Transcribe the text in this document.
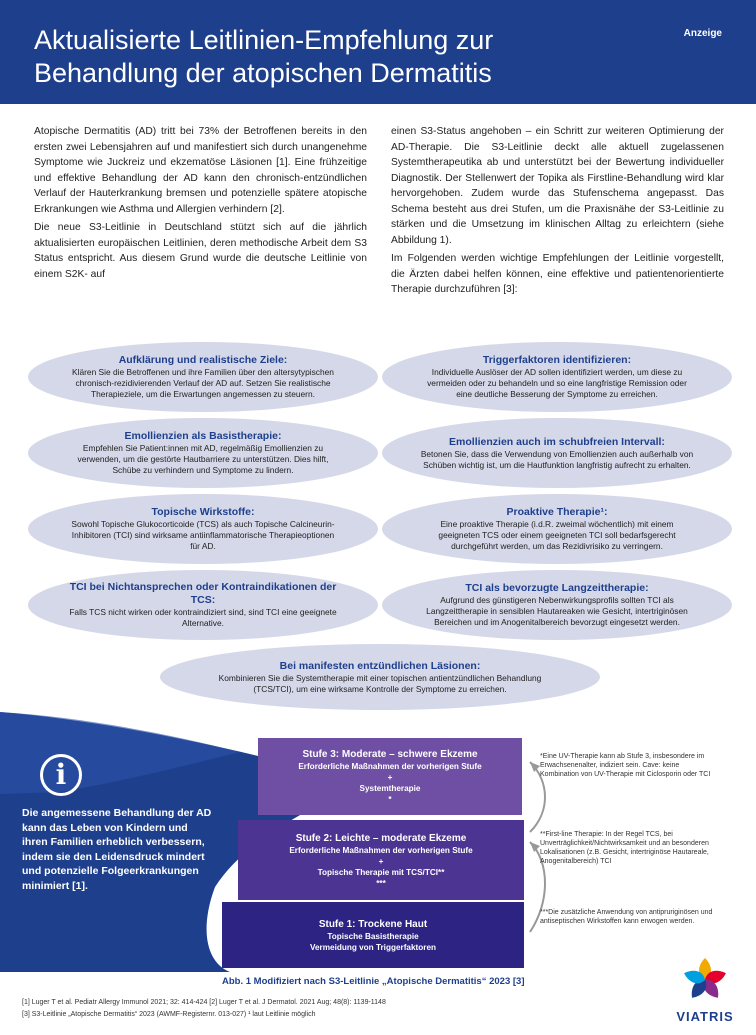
Aktualisierte Leitlinien-Empfehlung zur
Behandlung der atopischen Dermatitis
Anzeige

Atopische Dermatitis (AD) tritt bei 73% der Betroffenen bereits in den ersten zwei Lebensjahren auf und manifestiert sich durch unangenehme Symptome wie Juckreiz und ekzematöse Läsionen [1]. Eine frühzeitige und effektive Behandlung der AD kann den chronisch-entzündlichen Verlauf der Hauterkrankung bremsen und potenzielle spätere atopische Erkrankungen wie Asthma und Allergien verhindern [2].

Die neue S3-Leitlinie in Deutschland stützt sich auf die jährlich aktualisierten europäischen Leitlinien, deren methodische Arbeit dem S3 Status entspricht. Aus diesem Grund wurde die deutsche Leitlinie von einem S2K- auf

einen S3-Status angehoben – ein Schritt zur weiteren Optimierung der AD-Therapie. Die S3-Leitlinie deckt alle aktuell zugelassenen Systemtherapeutika ab und unterstützt bei der Bewertung individueller Diagnostik. Der Stellenwert der Topika als Firstline-Behandlung wird klar hervorgehoben. Zudem wurde das Stufenschema angepasst. Das Schema besteht aus drei Stufen, um die Praxisnähe der S3-Leitlinie zu stärken und die Umsetzung im klinischen Alltag zu erleichtern (siehe Abbildung 1).

Im Folgenden werden wichtige Empfehlungen der Leitlinie vorgestellt, die Ärzten dabei helfen können, eine effektive und patientenorientierte Therapie durchzuführen [3]:

Aufklärung und realistische Ziele:
Klären Sie die Betroffenen und ihre Familien über den altersytypischen chronisch-rezidivierenden Verlauf der AD auf. Setzen Sie realistische Therapieziele, um die Erwartungen angemessen zu steuern.
Triggerfaktoren identifizieren:
Individuelle Auslöser der AD sollen identifiziert werden, um diese zu vermeiden oder zu behandeln und so eine langfristige Remission oder eine deutliche Besserung der Symptome zu erreichen.
Emollienzien als Basistherapie:
Empfehlen Sie Patient:innen mit AD, regelmäßig Emollienzien zu verwenden, um die gestörte Hautbarriere zu unterstützen. Dies hilft, Schübe zu verhindern und Symptome zu lindern.
Emollienzien auch im schubfreien Intervall:
Betonen Sie, dass die Verwendung von Emollienzien auch außerhalb von Schüben wichtig ist, um die Hautfunktion langfristig aufrecht zu erhalten.
Topische Wirkstoffe:
Sowohl Topische Glukocorticoide (TCS) als auch Topische Calcineurin-Inhibitoren (TCI) sind wirksame antiinflammatorische Therapieoptionen für AD.
Proaktive Therapie¹:
Eine proaktive Therapie (i.d.R. zweimal wöchentlich) mit einem geeigneten TCS oder einem geeigneten TCI soll bedarfsgerecht durchgeführt werden, um das Rezidivrisiko zu verringern.
TCI bei Nichtansprechen oder Kontraindikationen der TCS:
Falls TCS nicht wirken oder kontraindiziert sind, sind TCI eine geeignete Alternative.
TCI als bevorzugte Langzeittherapie:
Aufgrund des günstigeren Nebenwirkungsprofils sollten TCI als Langzeittherapie in sensiblen Hautareaken wie Gesicht, intertriginösen Bereichen und im Anogenitalbereich bevorzugt eingesetzt werden.
Bei manifesten entzündlichen Läsionen:
Kombinieren Sie die Systemtherapie mit einer topischen antientzündlichen Behandlung (TCS/TCI), um eine wirksame Kontrolle der Symptome zu erreichen.
i
Die angemessene Behandlung der AD kann das Leben von Kindern und ihren Familien erheblich verbessern, indem sie den Leidensdruck mindert und potenzielle Folgeerkrankungen minimiert [1].
Stufe 3: Moderate – schwere Ekzeme
Erforderliche Maßnahmen der vorherigen Stufe
+
Systemtherapie
*
Stufe 2: Leichte – moderate Ekzeme
Erforderliche Maßnahmen der vorherigen Stufe
+
Topische Therapie mit TCS/TCI**
***
Stufe 1: Trockene Haut
Topische Basistherapie
Vermeidung von Triggerfaktoren
*Eine UV-Therapie kann ab Stufe 3, insbesondere im Erwachsenenalter, indiziert sein. Cave: keine Kombination von UV-Therapie mit Ciclosporin oder TCI
**First-line Therapie: In der Regel TCS, bei Unverträglichkeit/Nichtwirksamkeit und an besonderen Lokalisationen (z.B. Gesicht, intertriginöse Hautareale, Anogenitalbereich) TCI
***Die zusätzliche Anwendung von antipruriginösen und antiseptischen Wirkstoffen kann erwogen werden.
Abb. 1 Modifiziert nach S3-Leitlinie „Atopische Dermatitis“ 2023 [3]
[1] Luger T et al. Pediatr Allergy Immunol 2021; 32: 414-424 [2] Luger T et al. J Dermatol. 2021 Aug; 48(8): 1139-1148
[3] S3-Leitlinie „Atopische Dermatitis“ 2023 (AWMF-Registernr. 013-027) ¹ laut Leitlinie möglich	VIATRIS
